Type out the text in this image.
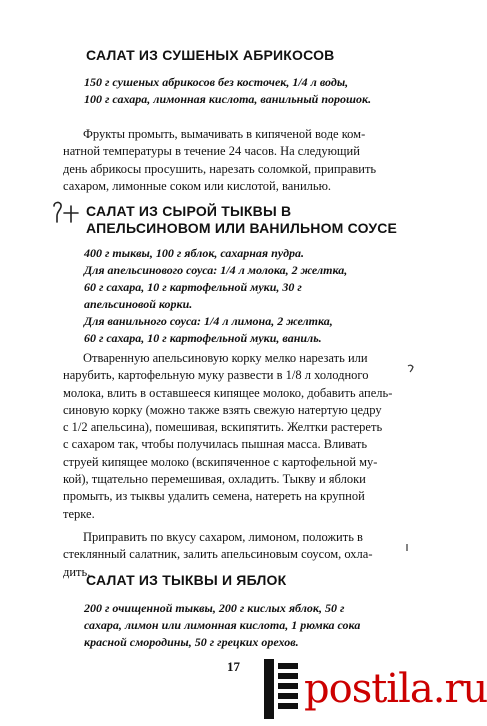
САЛАТ ИЗ СУШЕНЫХ АБРИКОСОВ

150 г сушеных абрикосов без косточек, 1/4 л воды,
100 г сахара, лимонная кислота, ванильный порошок.

Фрукты промыть, вымачивать в кипяченой воде ком-
натной температуры в течение 24 часов. На следующий
день абрикосы просушить, нарезать соломкой, приправить
сахаром, лимонные соком или кислотой, ванилью.

САЛАТ ИЗ СЫРОЙ ТЫКВЫ В
АПЕЛЬСИНОВОМ ИЛИ ВАНИЛЬНОМ СОУСЕ

400 г тыквы, 100 г яблок, сахарная пудра.
Для апельсинового соуса: 1/4 л молока, 2 желтка,
60 г сахара, 10 г картофельной муки, 30 г
апельсиновой корки.
Для ванильного соуса: 1/4 л лимона, 2 желтка,
60 г сахара, 10 г картофельной муки, ваниль.

Отваренную апельсиновую корку мелко нарезать или
нарубить, картофельную муку развести в 1/8 л холодного
молока, влить в оставшееся кипящее молоко, добавить апель-
синовую корку (можно также взять свежую натертую цедру
с 1/2 апельсина), помешивая, вскипятить. Желтки растереть
с сахаром так, чтобы получилась пышная масса. Вливать
струей кипящее молоко (вскипяченное с картофельной му-
кой), тщательно перемешивая, охладить. Тыкву и яблоки
промыть, из тыквы удалить семена, натереть на крупной
терке.

Приправить по вкусу сахаром, лимоном, положить в
стеклянный салатник, залить апельсиновым соусом, охла-
дить.

САЛАТ ИЗ ТЫКВЫ И ЯБЛОК

200 г очищенной тыквы, 200 г кислых яблок, 50 г
сахара, лимон или лимонная кислота, 1 рюмка сока
красной смородины, 50 г грецких орехов.

17 postila.ru
